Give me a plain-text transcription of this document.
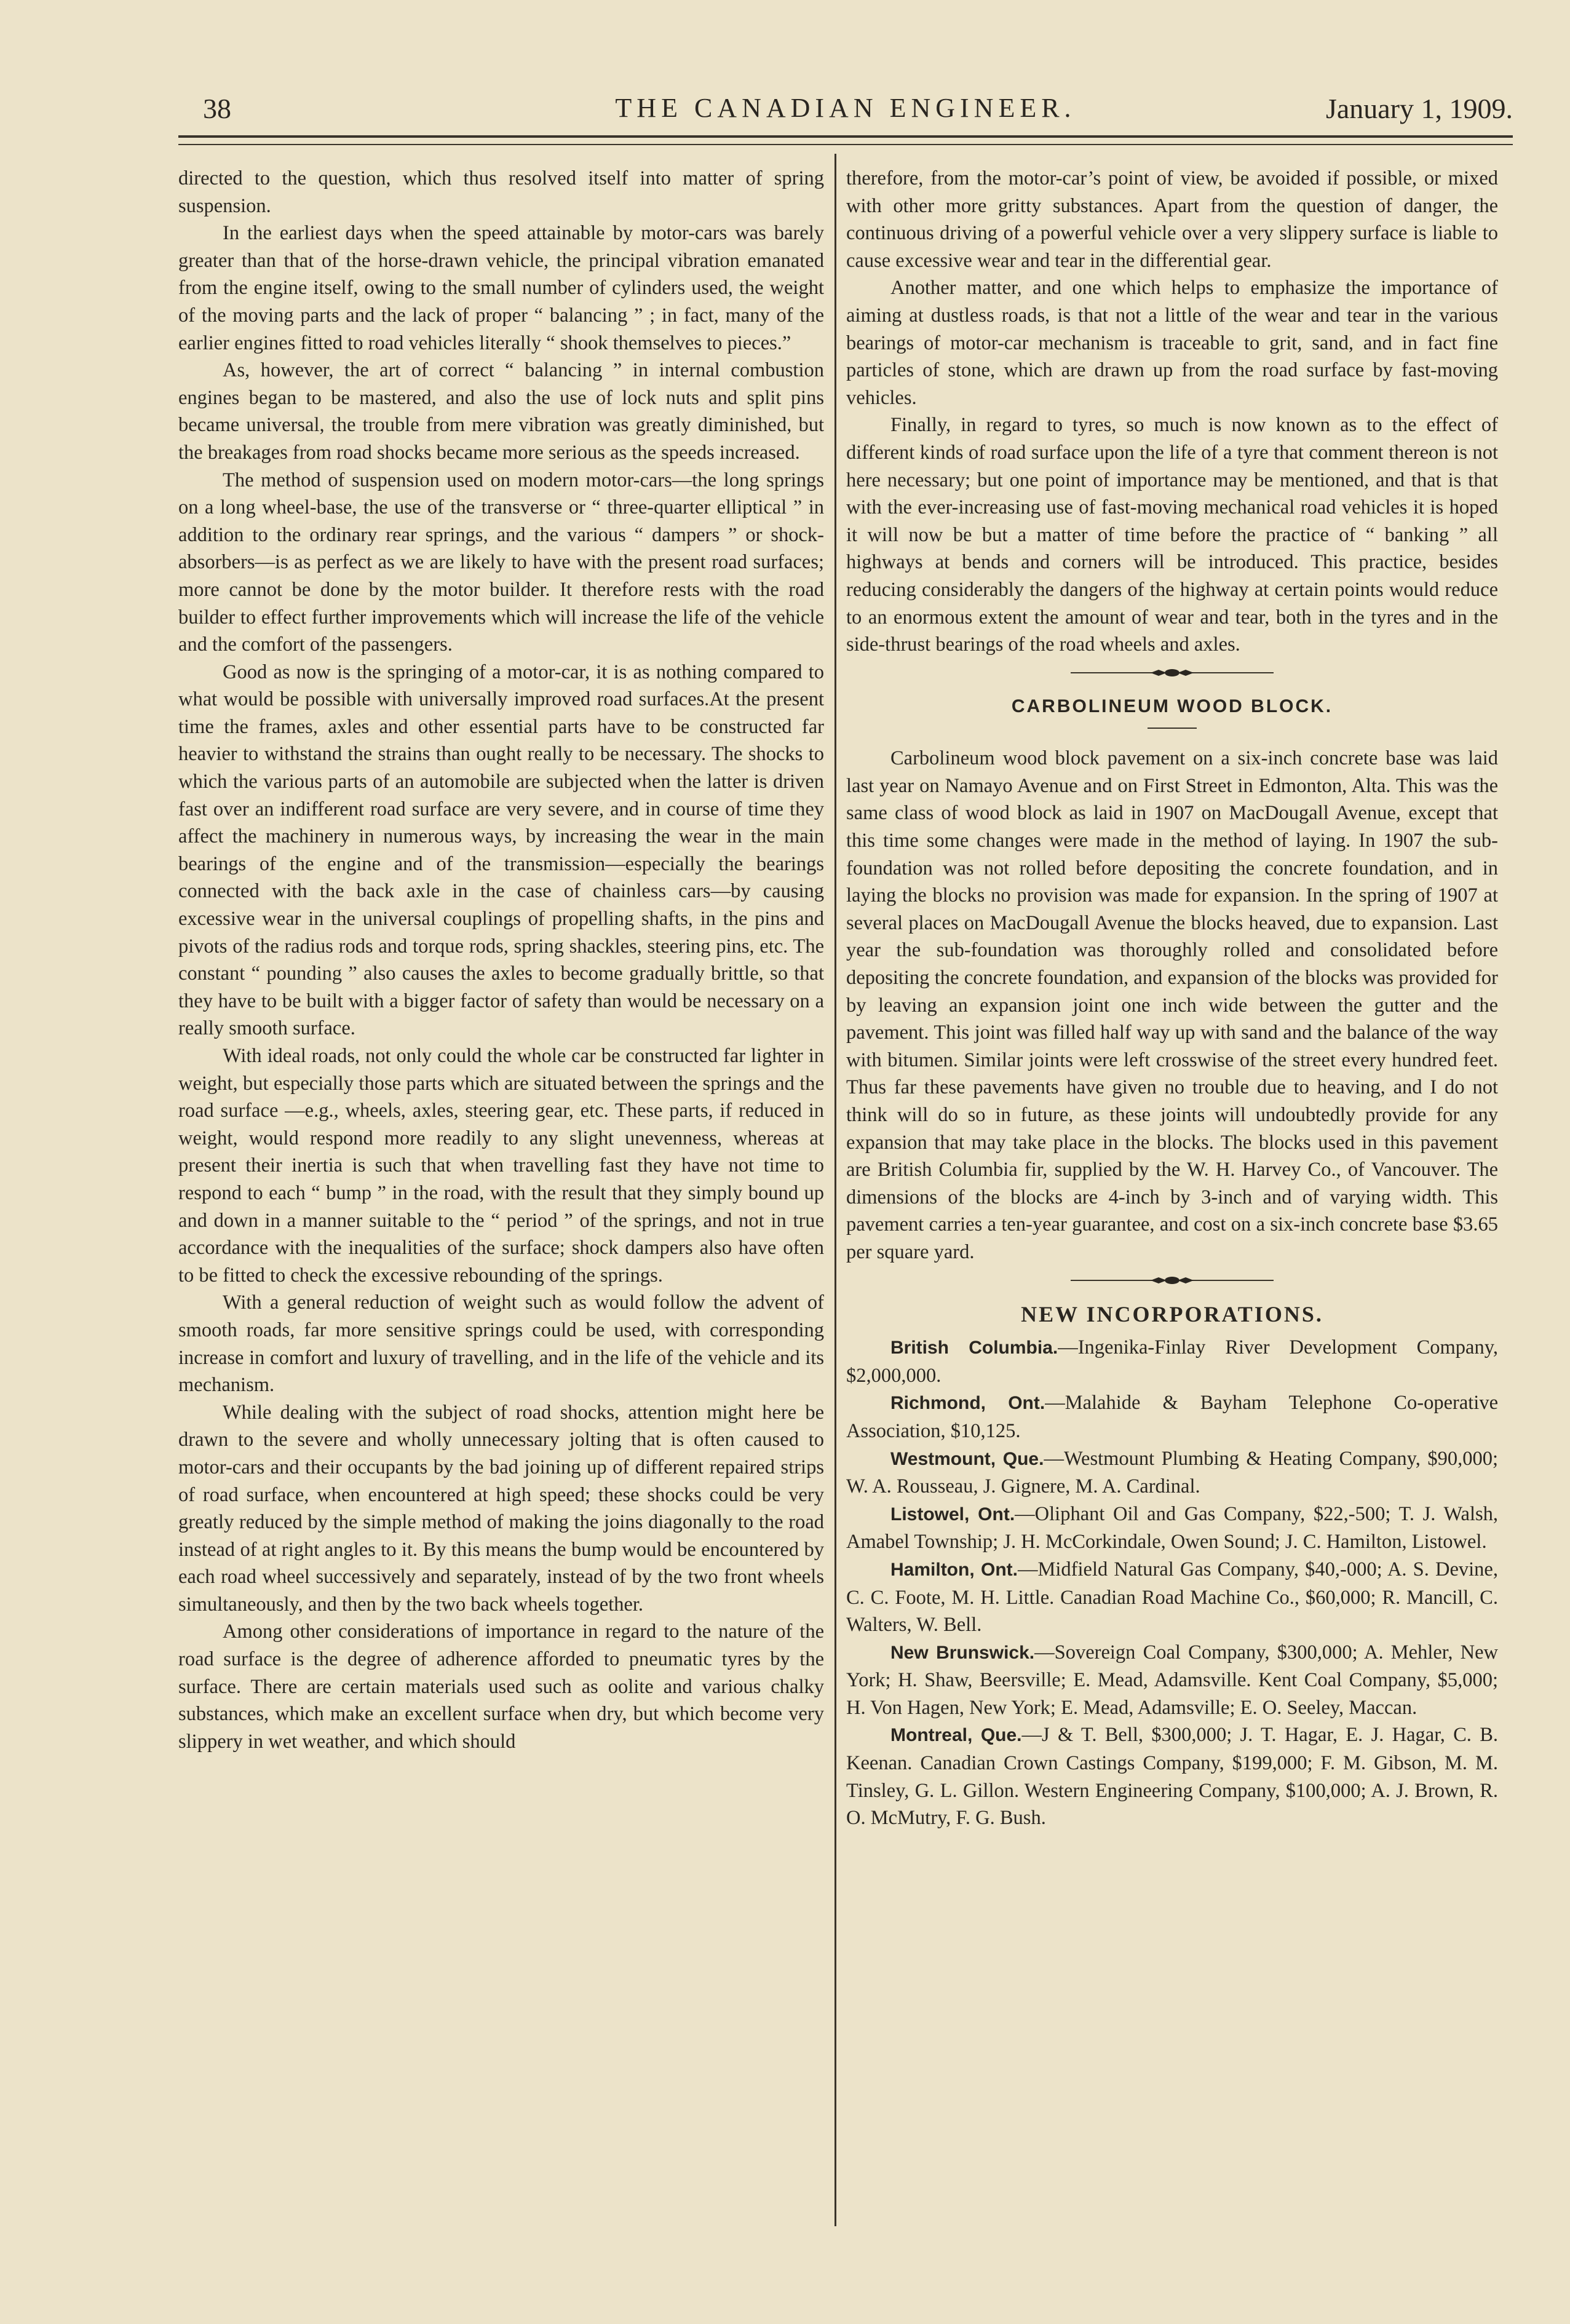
38	THE CANADIAN ENGINEER.	January 1, 1909.

directed to the question, which thus resolved itself into matter of spring suspension.

In the earliest days when the speed attainable by motor-cars was barely greater than that of the horse-drawn vehicle, the principal vibration emanated from the engine itself, owing to the small number of cylinders used, the weight of the moving parts and the lack of proper “ balancing ” ; in fact, many of the earlier engines fitted to road vehicles literally “ shook themselves to pieces.”

As, however, the art of correct “ balancing ” in internal combustion engines began to be mastered, and also the use of lock nuts and split pins became universal, the trouble from mere vibration was greatly diminished, but the breakages from road shocks became more serious as the speeds increased.

The method of suspension used on modern motor-cars—the long springs on a long wheel-base, the use of the transverse or “ three-quarter elliptical ” in addition to the ordinary rear springs, and the various “ dampers ” or shock-absorbers—is as perfect as we are likely to have with the present road surfaces; more cannot be done by the motor builder. It therefore rests with the road builder to effect further improvements which will increase the life of the vehicle and the comfort of the passengers.

Good as now is the springing of a motor-car, it is as nothing compared to what would be possible with universally improved road surfaces.At the present time the frames, axles and other essential parts have to be constructed far heavier to withstand the strains than ought really to be necessary. The shocks to which the various parts of an automobile are subjected when the latter is driven fast over an indifferent road surface are very severe, and in course of time they affect the machinery in numerous ways, by increasing the wear in the main bearings of the engine and of the transmission—especially the bearings connected with the back axle in the case of chainless cars—by causing excessive wear in the universal couplings of propelling shafts, in the pins and pivots of the radius rods and torque rods, spring shackles, steering pins, etc. The constant “ pounding ” also causes the axles to become gradually brittle, so that they have to be built with a bigger factor of safety than would be necessary on a really smooth surface.

With ideal roads, not only could the whole car be constructed far lighter in weight, but especially those parts which are situated between the springs and the road surface —e.g., wheels, axles, steering gear, etc. These parts, if reduced in weight, would respond more readily to any slight unevenness, whereas at present their inertia is such that when travelling fast they have not time to respond to each “ bump ” in the road, with the result that they simply bound up and down in a manner suitable to the “ period ” of the springs, and not in true accordance with the inequalities of the surface; shock dampers also have often to be fitted to check the excessive rebounding of the springs.

With a general reduction of weight such as would follow the advent of smooth roads, far more sensitive springs could be used, with corresponding increase in comfort and luxury of travelling, and in the life of the vehicle and its mechanism.

While dealing with the subject of road shocks, attention might here be drawn to the severe and wholly unnecessary jolting that is often caused to motor-cars and their occupants by the bad joining up of different repaired strips of road surface, when encountered at high speed; these shocks could be very greatly reduced by the simple method of making the joins diagonally to the road instead of at right angles to it. By this means the bump would be encountered by each road wheel successively and separately, instead of by the two front wheels simultaneously, and then by the two back wheels together.

Among other considerations of importance in regard to the nature of the road surface is the degree of adherence afforded to pneumatic tyres by the surface. There are certain materials used such as oolite and various chalky substances, which make an excellent surface when dry, but which become very slippery in wet weather, and which should

therefore, from the motor-car’s point of view, be avoided if possible, or mixed with other more gritty substances. Apart from the question of danger, the continuous driving of a powerful vehicle over a very slippery surface is liable to cause excessive wear and tear in the differential gear.

Another matter, and one which helps to emphasize the importance of aiming at dustless roads, is that not a little of the wear and tear in the various bearings of motor-car mechanism is traceable to grit, sand, and in fact fine particles of stone, which are drawn up from the road surface by fast-moving vehicles.

Finally, in regard to tyres, so much is now known as to the effect of different kinds of road surface upon the life of a tyre that comment thereon is not here necessary; but one point of importance may be mentioned, and that is that with the ever-increasing use of fast-moving mechanical road vehicles it is hoped it will now be but a matter of time before the practice of “ banking ” all highways at bends and corners will be introduced. This practice, besides reducing considerably the dangers of the highway at certain points would reduce to an enormous extent the amount of wear and tear, both in the tyres and in the side-thrust bearings of the road wheels and axles.

CARBOLINEUM WOOD BLOCK.

Carbolineum wood block pavement on a six-inch concrete base was laid last year on Namayo Avenue and on First Street in Edmonton, Alta. This was the same class of wood block as laid in 1907 on MacDougall Avenue, except that this time some changes were made in the method of laying. In 1907 the sub-foundation was not rolled before depositing the concrete foundation, and in laying the blocks no provision was made for expansion. In the spring of 1907 at several places on MacDougall Avenue the blocks heaved, due to expansion. Last year the sub-foundation was thoroughly rolled and consolidated before depositing the concrete foundation, and expansion of the blocks was provided for by leaving an expansion joint one inch wide between the gutter and the pavement. This joint was filled half way up with sand and the balance of the way with bitumen. Similar joints were left crosswise of the street every hundred feet. Thus far these pavements have given no trouble due to heaving, and I do not think will do so in future, as these joints will undoubtedly provide for any expansion that may take place in the blocks. The blocks used in this pavement are British Columbia fir, supplied by the W. H. Harvey Co., of Vancouver. The dimensions of the blocks are 4-inch by 3-inch and of varying width. This pavement carries a ten-year guarantee, and cost on a six-inch concrete base $3.65 per square yard.

NEW INCORPORATIONS.

British Columbia.—Ingenika-Finlay River Development Company, $2,000,000.

Richmond, Ont.—Malahide & Bayham Telephone Co-operative Association, $10,125.

Westmount, Que.—Westmount Plumbing & Heating Company, $90,000; W. A. Rousseau, J. Gignere, M. A. Cardinal.

Listowel, Ont.—Oliphant Oil and Gas Company, $22,-500; T. J. Walsh, Amabel Township; J. H. McCorkindale, Owen Sound; J. C. Hamilton, Listowel.

Hamilton, Ont.—Midfield Natural Gas Company, $40,-000; A. S. Devine, C. C. Foote, M. H. Little. Canadian Road Machine Co., $60,000; R. Mancill, C. Walters, W. Bell.

New Brunswick.—Sovereign Coal Company, $300,000; A. Mehler, New York; H. Shaw, Beersville; E. Mead, Adamsville. Kent Coal Company, $5,000; H. Von Hagen, New York; E. Mead, Adamsville; E. O. Seeley, Maccan.

Montreal, Que.—J & T. Bell, $300,000; J. T. Hagar, E. J. Hagar, C. B. Keenan. Canadian Crown Castings Company, $199,000; F. M. Gibson, M. M. Tinsley, G. L. Gillon. Western Engineering Company, $100,000; A. J. Brown, R. O. McMutry, F. G. Bush.
